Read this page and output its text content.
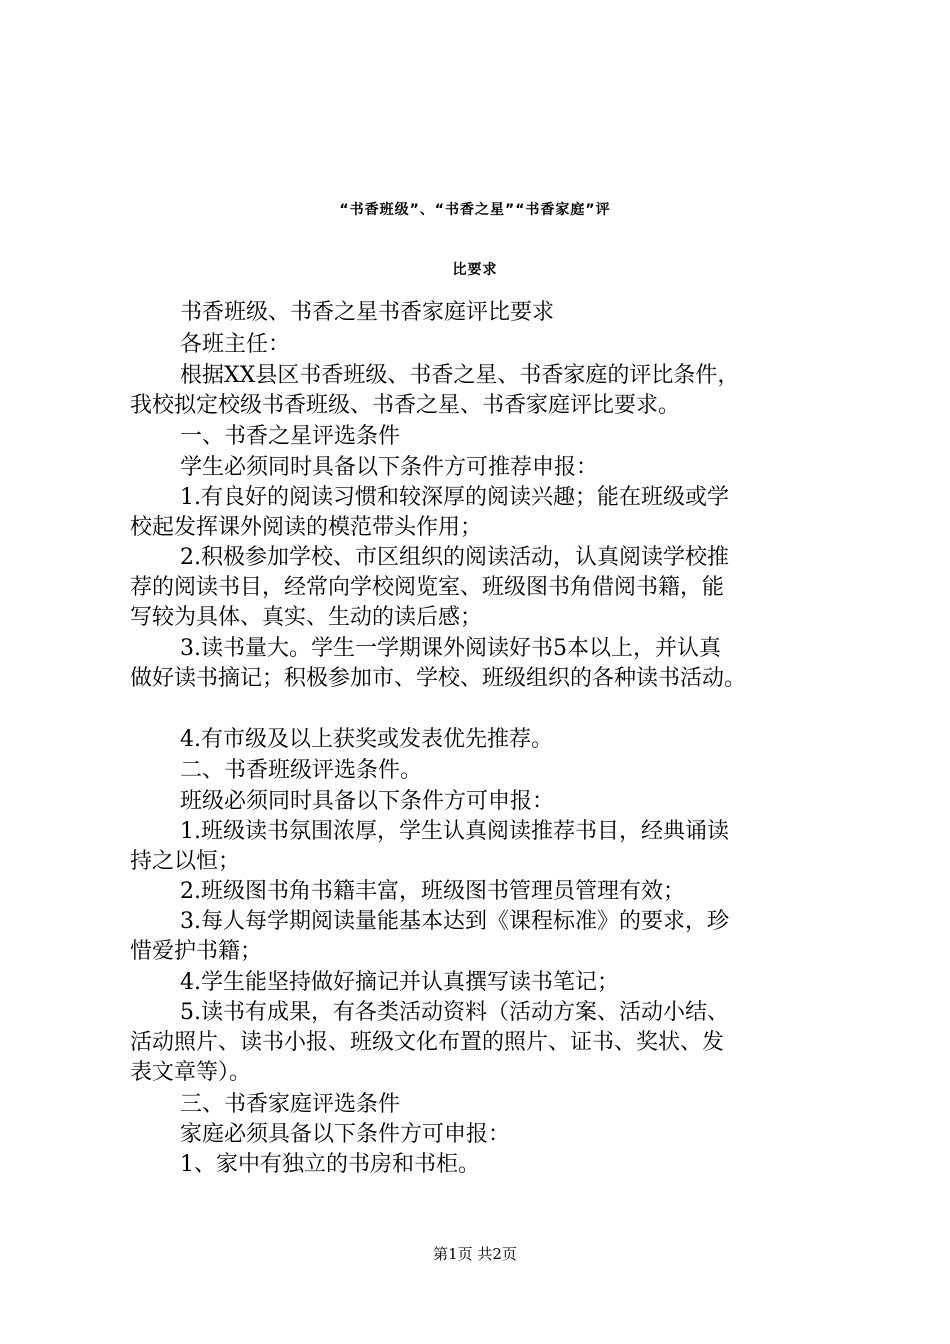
“书香班级”、“书香之星”“书香家庭”评
比要求

书香班级、书香之星书香家庭评比要求

各班主任：

根据XX县区书香班级、书香之星、书香家庭的评比条件，

我校拟定校级书香班级、书香之星、书香家庭评比要求。

一、书香之星评选条件

学生必须同时具备以下条件方可推荐申报：

1.有良好的阅读习惯和较深厚的阅读兴趣；能在班级或学

校起发挥课外阅读的模范带头作用；

2.积极参加学校、市区组织的阅读活动，认真阅读学校推

荐的阅读书目，经常向学校阅览室、班级图书角借阅书籍，能

写较为具体、真实、生动的读后感；

3.读书量大。学生一学期课外阅读好书5本以上，并认真

做好读书摘记；积极参加市、学校、班级组织的各种读书活动。

4.有市级及以上获奖或发表优先推荐。

二、书香班级评选条件。

班级必须同时具备以下条件方可申报：

1.班级读书氛围浓厚，学生认真阅读推荐书目，经典诵读

持之以恒；

2.班级图书角书籍丰富，班级图书管理员管理有效；

3.每人每学期阅读量能基本达到《课程标准》的要求，珍

惜爱护书籍；

4.学生能坚持做好摘记并认真撰写读书笔记；

5.读书有成果，有各类活动资料（活动方案、活动小结、

活动照片、读书小报、班级文化布置的照片、证书、奖状、发

表文章等）。

三、书香家庭评选条件

家庭必须具备以下条件方可申报：

1、家中有独立的书房和书柜。

第1页 共2页
